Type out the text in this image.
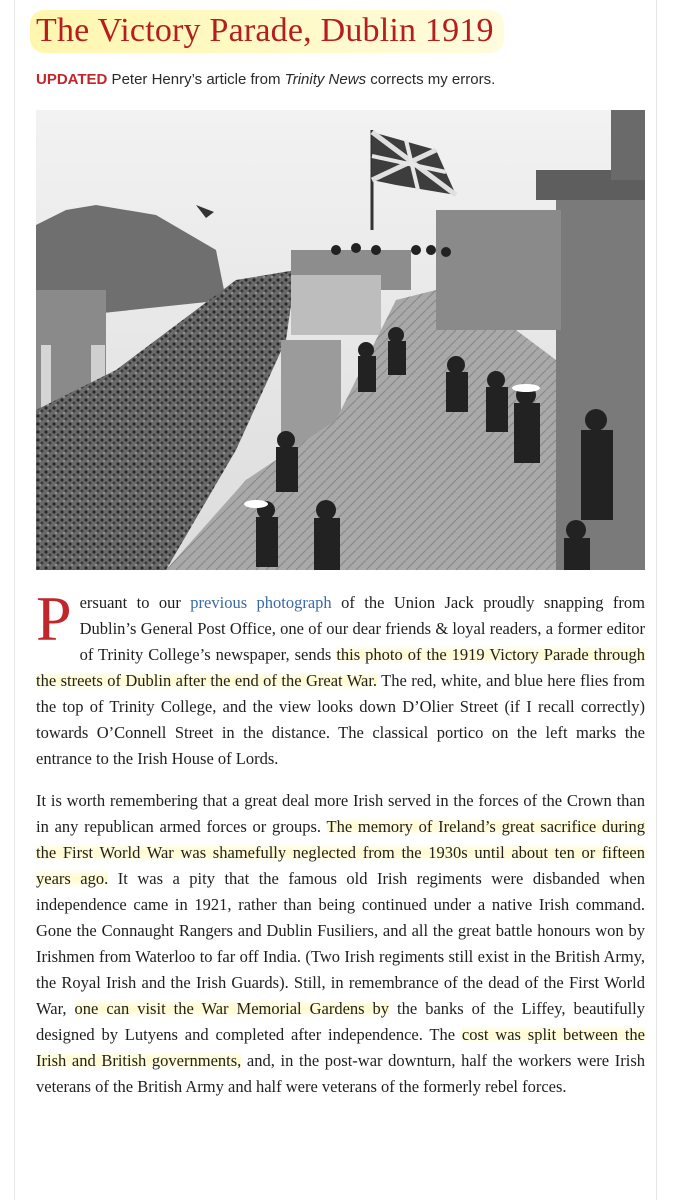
The Victory Parade, Dublin 1919

UPDATED Peter Henry’s article from Trinity News corrects my errors.

Persuant to our previous photograph of the Union Jack proudly snapping from Dublin’s General Post Office, one of our dear friends & loyal readers, a former editor of Trinity College’s newspaper, sends this photo of the 1919 Victory Parade through the streets of Dublin after the end of the Great War. The red, white, and blue here flies from the top of Trinity College, and the view looks down D’Olier Street (if I recall correctly) towards O’Connell Street in the distance. The classical portico on the left marks the entrance to the Irish House of Lords.

It is worth remembering that a great deal more Irish served in the forces of the Crown than in any republican armed forces or groups. The memory of Ireland’s great sacrifice during the First World War was shamefully neglected from the 1930s until about ten or fifteen years ago. It was a pity that the famous old Irish regiments were disbanded when independence came in 1921, rather than being continued under a native Irish command. Gone the Connaught Rangers and Dublin Fusiliers, and all the great battle honours won by Irishmen from Waterloo to far off India. (Two Irish regiments still exist in the British Army, the Royal Irish and the Irish Guards). Still, in remembrance of the dead of the First World War, one can visit the War Memorial Gardens by the banks of the Liffey, beautifully designed by Lutyens and completed after independence. The cost was split between the Irish and British governments, and, in the post-war downturn, half the workers were Irish veterans of the British Army and half were veterans of the formerly rebel forces.
